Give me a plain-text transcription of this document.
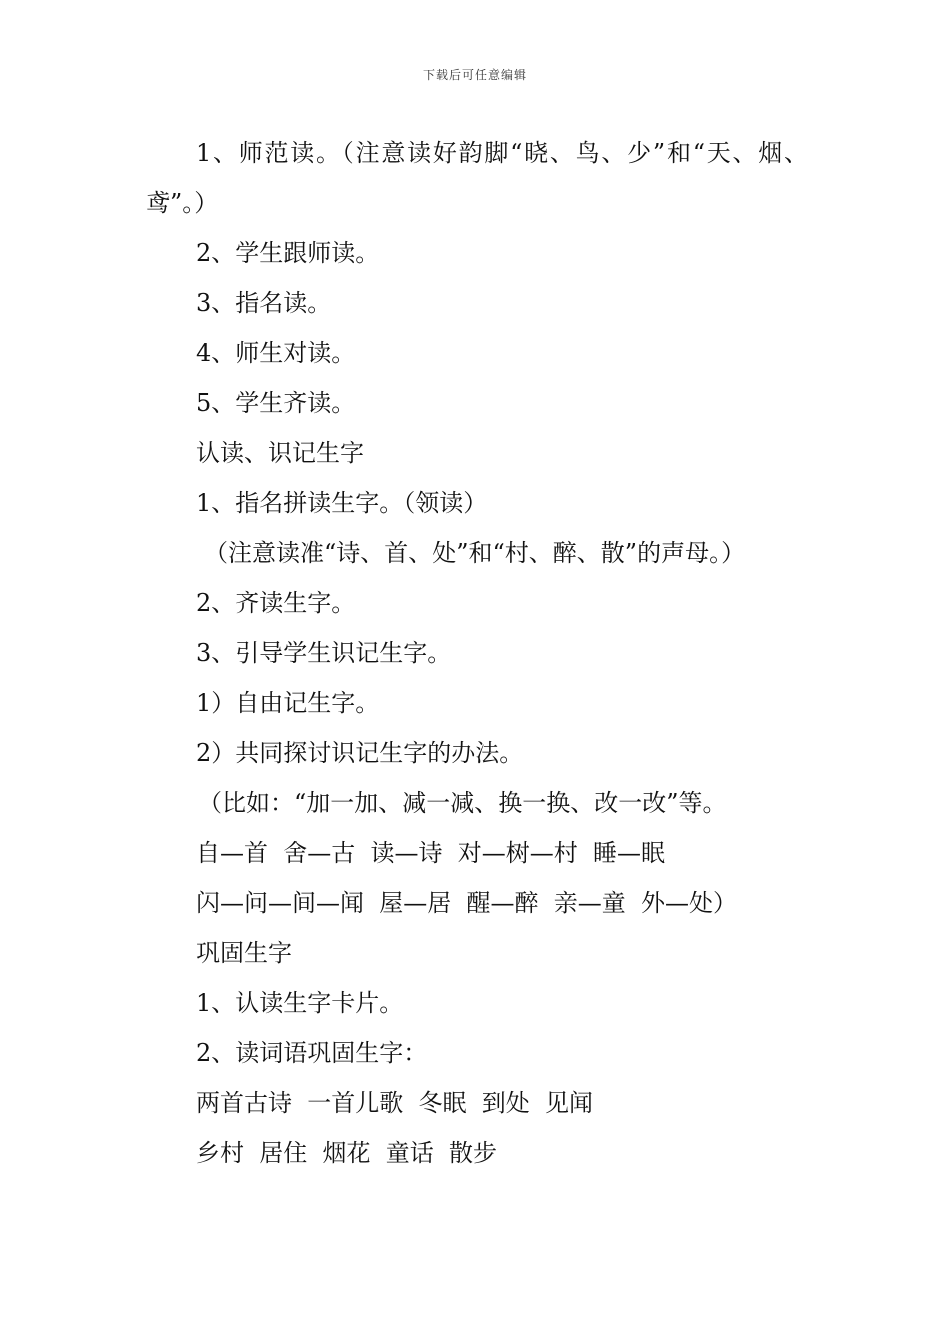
下载后可任意编辑

1、师范读。（注意读好韵脚“晓、鸟、少”和“天、烟、鸢”。）

2、学生跟师读。

3、指名读。

4、师生对读。

5、学生齐读。

认读、识记生字

1、指名拼读生字。（领读）

（注意读准“诗、首、处”和“村、醉、散”的声母。）

2、齐读生字。

3、引导学生识记生字。

1）自由记生字。

2）共同探讨识记生字的办法。

（比如：“加一加、减一减、换一换、改一改”等。

自—首  舍—古  读—诗  对—树—村  睡—眠

闪—问—间—闻  屋—居  醒—醉  亲—童  外—处）

巩固生字

1、认读生字卡片。

2、读词语巩固生字：

两首古诗  一首儿歌  冬眠  到处  见闻

乡村  居住  烟花  童话  散步
